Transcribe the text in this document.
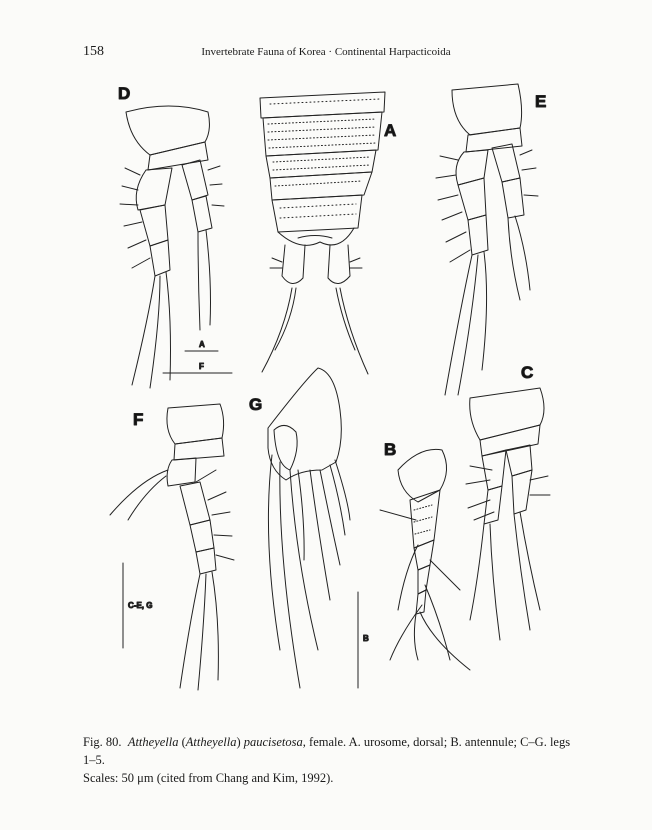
158	Invertebrate Fauna of Korea · Continental Harpacticoida
A
D
A
F
E
F
C-E, G
G
B
B
C
Fig. 80. Attheyella (Attheyella) paucisetosa, female. A. urosome, dorsal; B. antennule; C–G. legs 1–5.
Scales: 50 μm (cited from Chang and Kim, 1992).
